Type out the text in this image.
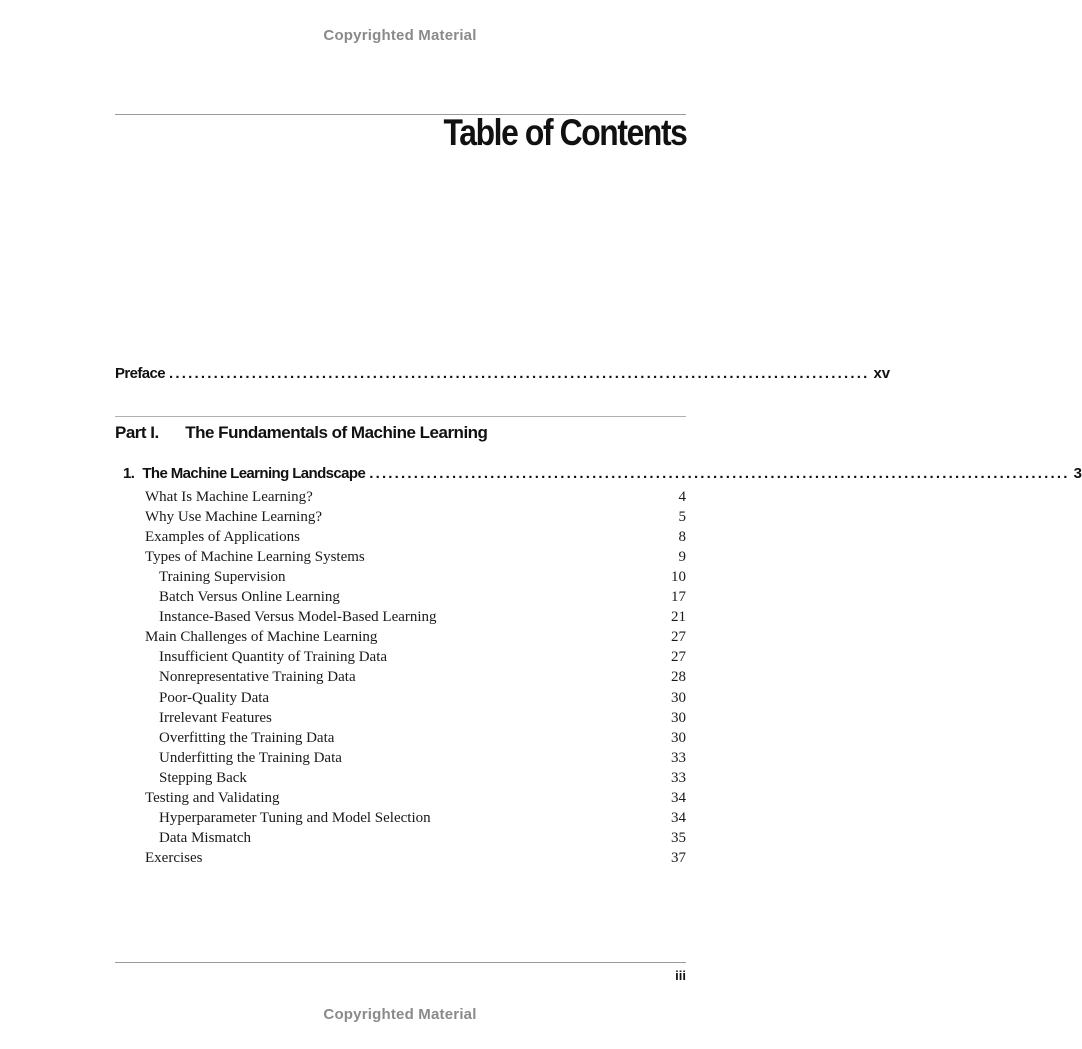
Copyrighted Material
Table of Contents
Preface .............................................................................................................. xv
Part I. The Fundamentals of Machine Learning
1. The Machine Learning Landscape .............................................................................................................. 3
What Is Machine Learning?	4
Why Use Machine Learning?	5
Examples of Applications	8
Types of Machine Learning Systems	9
Training Supervision	10
Batch Versus Online Learning	17
Instance-Based Versus Model-Based Learning	21
Main Challenges of Machine Learning	27
Insufficient Quantity of Training Data	27
Nonrepresentative Training Data	28
Poor-Quality Data	30
Irrelevant Features	30
Overfitting the Training Data	30
Underfitting the Training Data	33
Stepping Back	33
Testing and Validating	34
Hyperparameter Tuning and Model Selection	34
Data Mismatch	35
Exercises	37
iii
Copyrighted Material
